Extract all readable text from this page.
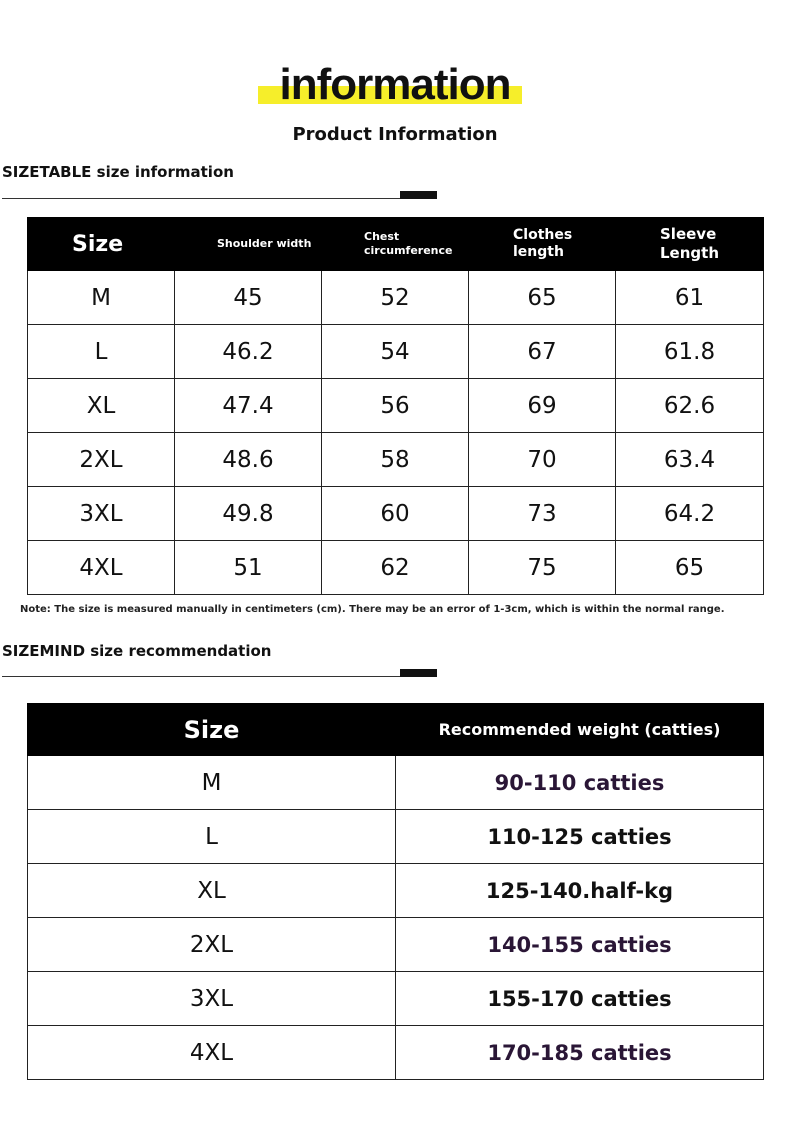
information
Product Information
SIZETABLE size information
Size	Shoulder width	Chest circumference	Clothes length	Sleeve Length
M	45	52	65	61
L	46.2	54	67	61.8
XL	47.4	56	69	62.6
2XL	48.6	58	70	63.4
3XL	49.8	60	73	64.2
4XL	51	62	75	65
Note: The size is measured manually in centimeters (cm). There may be an error of 1-3cm, which is within the normal range.
SIZEMIND size recommendation
Size	Recommended weight (catties)
M	90-110 catties
L	110-125 catties
XL	125-140.half-kg
2XL	140-155 catties
3XL	155-170 catties
4XL	170-185 catties
